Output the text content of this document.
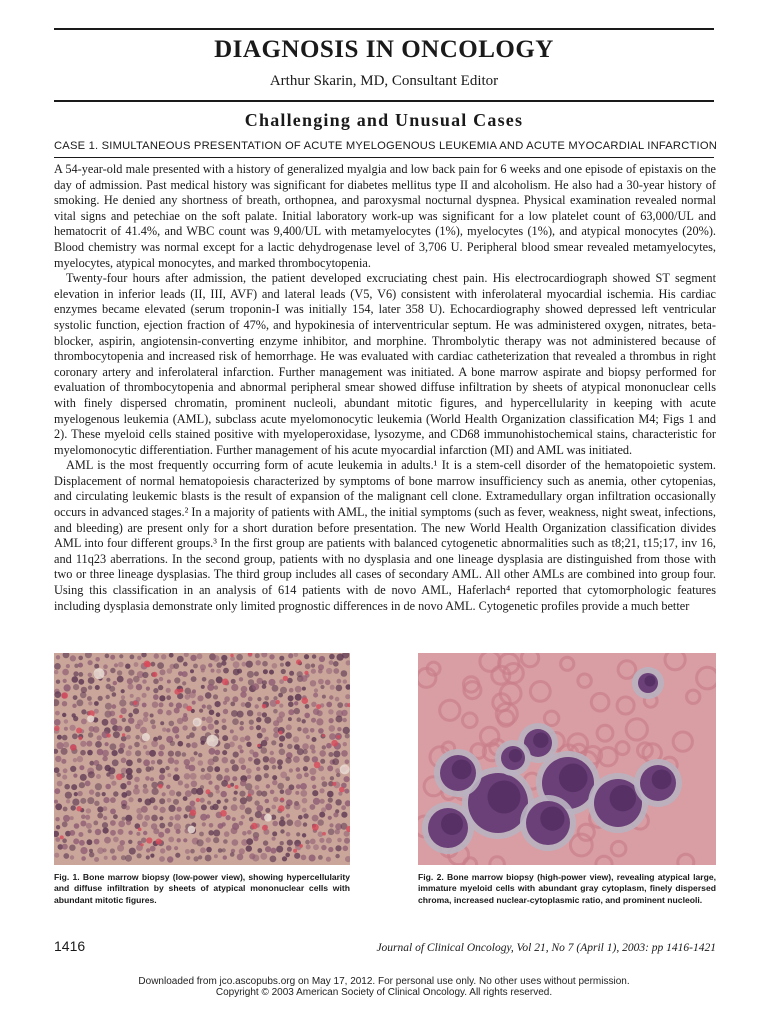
DIAGNOSIS IN ONCOLOGY
Arthur Skarin, MD, Consultant Editor
Challenging and Unusual Cases
CASE 1. SIMULTANEOUS PRESENTATION OF ACUTE MYELOGENOUS LEUKEMIA AND ACUTE MYOCARDIAL INFARCTION

A 54-year-old male presented with a history of generalized myalgia and low back pain for 6 weeks and one episode of epistaxis on the day of admission. Past medical history was significant for diabetes mellitus type II and alcoholism. He also had a 30-year history of smoking. He denied any shortness of breath, orthopnea, and paroxysmal nocturnal dyspnea. Physical examination revealed normal vital signs and petechiae on the soft palate. Initial laboratory work-up was significant for a low platelet count of 63,000/UL and hematocrit of 41.4%, and WBC count was 9,400/UL with metamyelocytes (1%), myelocytes (1%), and atypical monocytes (20%). Blood chemistry was normal except for a lactic dehydrogenase level of 3,706 U. Peripheral blood smear revealed metamyelocytes, myelocytes, atypical monocytes, and marked thrombocytopenia.

Twenty-four hours after admission, the patient developed excruciating chest pain. His electrocardiograph showed ST segment elevation in inferior leads (II, III, AVF) and lateral leads (V5, V6) consistent with inferolateral myocardial ischemia. His cardiac enzymes became elevated (serum troponin-I was initially 154, later 358 U). Echocardiography showed depressed left ventricular systolic function, ejection fraction of 47%, and hypokinesia of interventricular septum. He was administered oxygen, nitrates, beta-blocker, aspirin, angiotensin-converting enzyme inhibitor, and morphine. Thrombolytic therapy was not administered because of thrombocytopenia and increased risk of hemorrhage. He was evaluated with cardiac catheterization that revealed a thrombus in right coronary artery and inferolateral infarction. Further management was initiated. A bone marrow aspirate and biopsy performed for evaluation of thrombocytopenia and abnormal peripheral smear showed diffuse infiltration by sheets of atypical mononuclear cells with finely dispersed chromatin, prominent nucleoli, abundant mitotic figures, and hypercellularity in keeping with acute myelogenous leukemia (AML), subclass acute myelomonocytic leukemia (World Health Organization classification M4; Figs 1 and 2). These myeloid cells stained positive with myeloperoxidase, lysozyme, and CD68 immunohistochemical stains, characteristic for myelomonocytic differentiation. Further management of his acute myocardial infarction (MI) and AML was initiated.

AML is the most frequently occurring form of acute leukemia in adults.¹ It is a stem-cell disorder of the hematopoietic system. Displacement of normal hematopoiesis characterized by symptoms of bone marrow insufficiency such as anemia, other cytopenias, and circulating leukemic blasts is the result of expansion of the malignant cell clone. Extramedullary organ infiltration occasionally occurs in advanced stages.² In a majority of patients with AML, the initial symptoms (such as fever, weakness, night sweat, infections, and bleeding) are present only for a short duration before presentation. The new World Health Organization classification divides AML into four different groups.³ In the first group are patients with balanced cytogenetic abnormalities such as t8;21, t15;17, inv 16, and 11q23 aberrations. In the second group, patients with no dysplasia and one lineage dysplasia are distinguished from those with two or three lineage dysplasias. The third group includes all cases of secondary AML. All other AMLs are combined into group four. Using this classification in an analysis of 614 patients with de novo AML, Haferlach⁴ reported that cytomorphologic features including dysplasia demonstrate only limited prognostic differences in de novo AML. Cytogenetic profiles provide a much better

Fig. 1. Bone marrow biopsy (low-power view), showing hypercellularity and diffuse infiltration by sheets of atypical mononuclear cells with abundant mitotic figures.
Fig. 2. Bone marrow biopsy (high-power view), revealing atypical large, immature myeloid cells with abundant gray cytoplasm, finely dispersed chroma, increased nuclear-cytoplasmic ratio, and prominent nucleoli.
1416	Journal of Clinical Oncology, Vol 21, No 7 (April 1), 2003: pp 1416-1421
Downloaded from jco.ascopubs.org on May 17, 2012. For personal use only. No other uses without permission.
Copyright © 2003 American Society of Clinical Oncology. All rights reserved.
